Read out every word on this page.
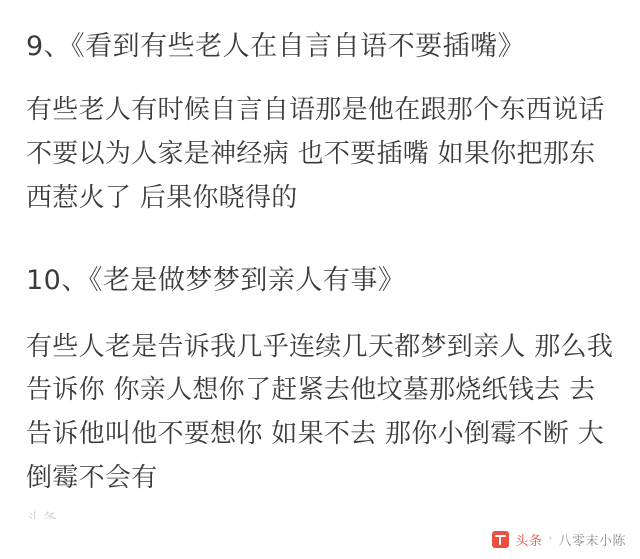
9、《看到有些老人在自言自语不要插嘴》
有些老人有时候自言自语那是他在跟那个东西说话 不要以为人家是神经病 也不要插嘴 如果你把那东西惹火了 后果你晓得的
10、《老是做梦梦到亲人有事》
有些人老是告诉我几乎连续几天都梦到亲人 那么我告诉你 你亲人想你了赶紧去他坟墓那烧纸钱去 去告诉他叫他不要想你 如果不去 那你小倒霉不断 大倒霉不会有
头条 · 八零末小陈
